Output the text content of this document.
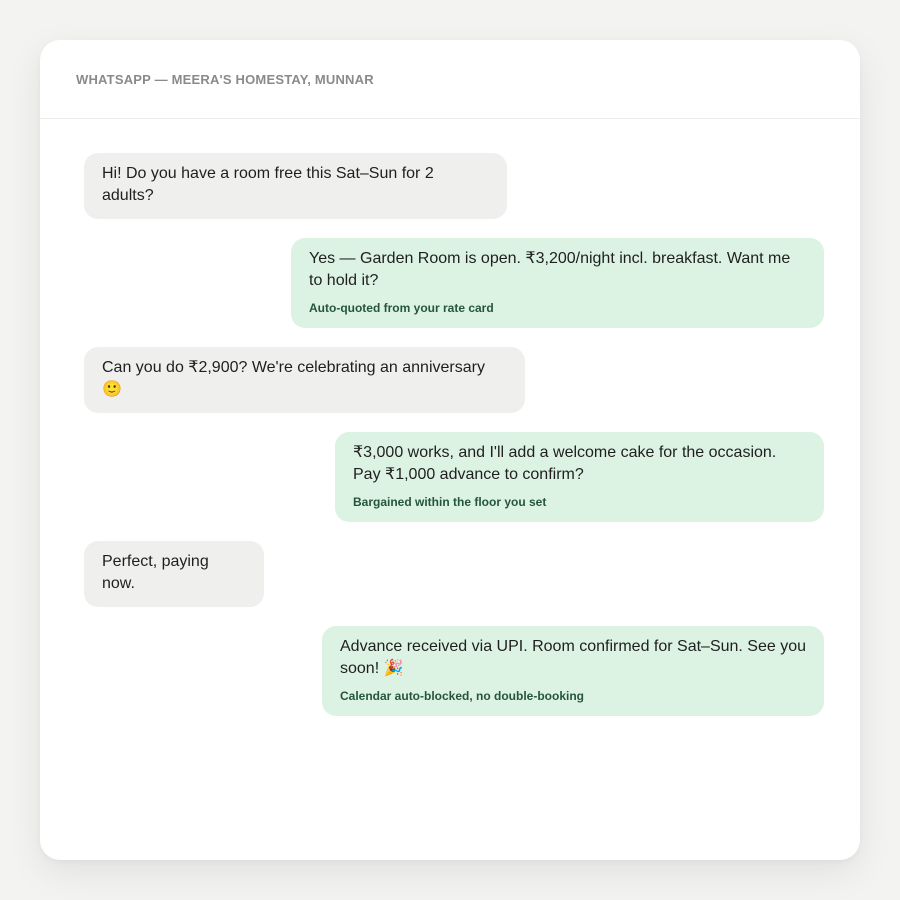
WHATSAPP — MEERA'S HOMESTAY, MUNNAR
Hi! Do you have a room free this Sat–Sun for 2 adults?
Yes — Garden Room is open. ₹3,200/night incl. breakfast. Want me to hold it?
Auto-quoted from your rate card
Can you do ₹2,900? We're celebrating an anniversary 🙂
₹3,000 works, and I'll add a welcome cake for the occasion. Pay ₹1,000 advance to confirm?
Bargained within the floor you set
Perfect, paying now.
Advance received via UPI. Room confirmed for Sat–Sun. See you soon! 🎉
Calendar auto-blocked, no double-booking
